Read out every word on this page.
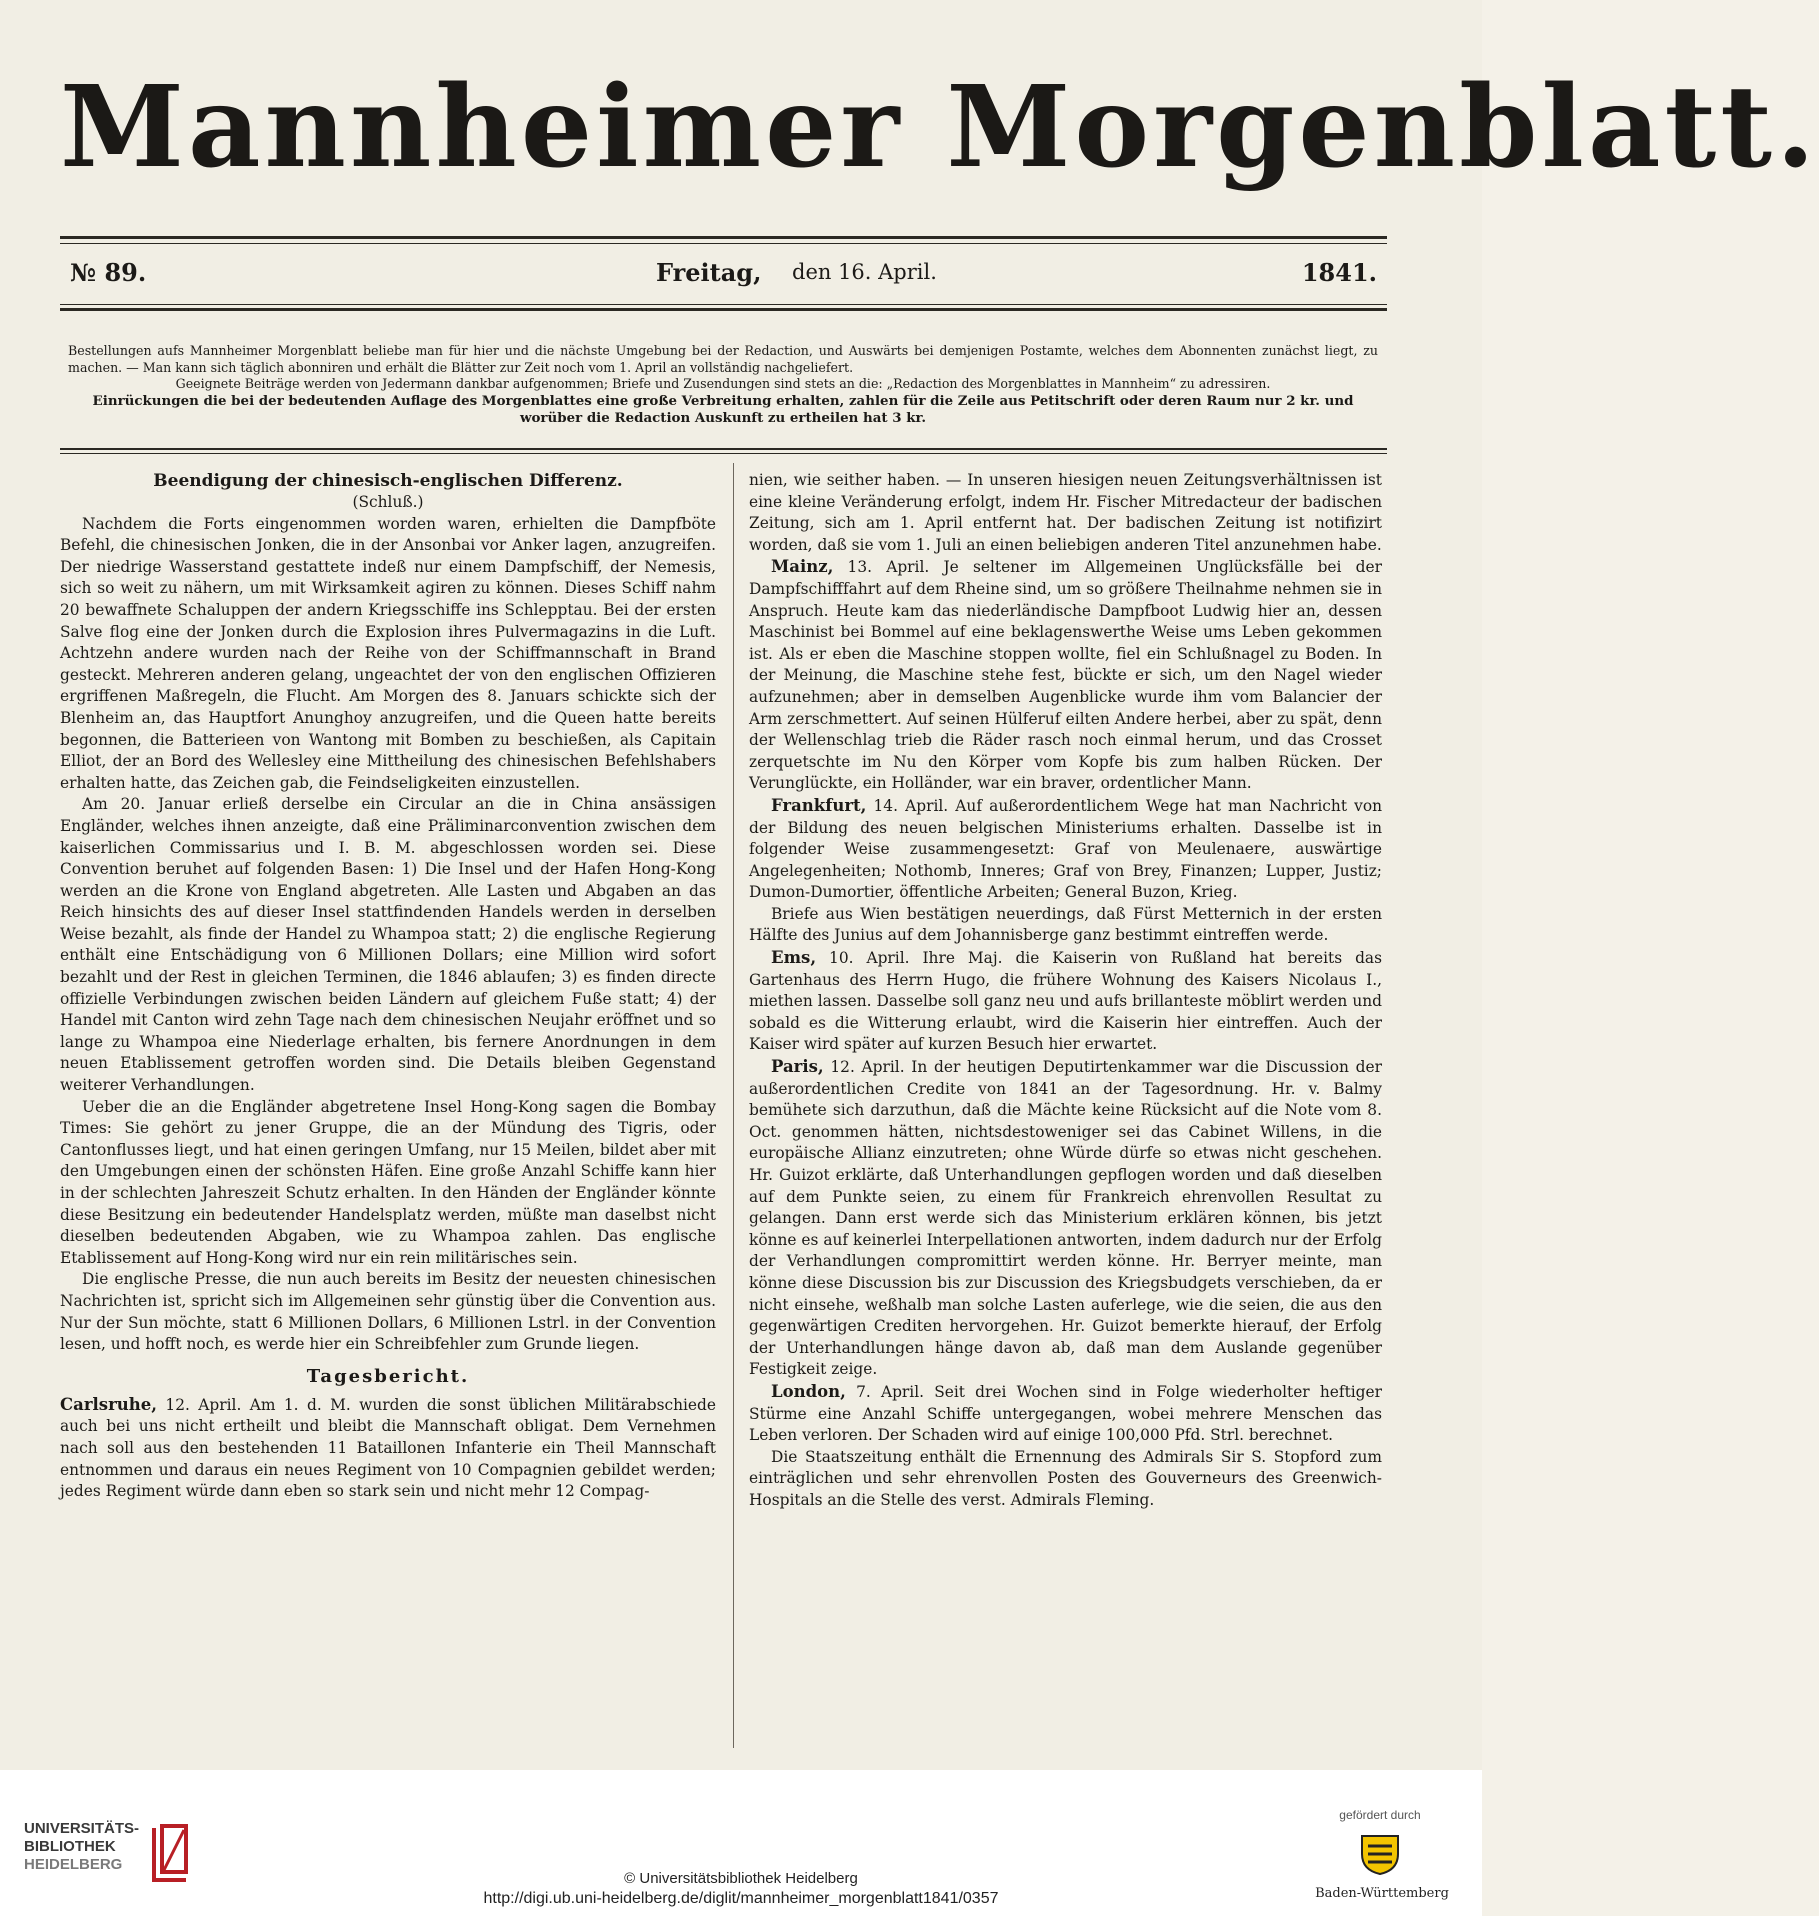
Mannheimer Morgenblatt.
№ 89.	Freitag, den 16. April.	1841.

Bestellungen aufs Mannheimer Morgenblatt beliebe man für hier und die nächste Umgebung bei der Redaction, und Auswärts bei demjenigen Postamte, welches dem Abonnenten zunächst liegt, zu machen. — Man kann sich täglich abonniren und erhält die Blätter zur Zeit noch vom 1. April an vollständig nachgeliefert.

Geeignete Beiträge werden von Jedermann dankbar aufgenommen; Briefe und Zusendungen sind stets an die: „Redaction des Morgenblattes in Mannheim“ zu adressiren.

Einrückungen die bei der bedeutenden Auflage des Morgenblattes eine große Verbreitung erhalten, zahlen für die Zeile aus Petitschrift oder deren Raum nur 2 kr. und worüber die Redaction Auskunft zu ertheilen hat 3 kr.

Beendigung der chinesisch-englischen Differenz.

(Schluß.)

Nachdem die Forts eingenommen worden waren, erhielten die Dampfböte Befehl, die chinesischen Jonken, die in der Ansonbai vor Anker lagen, anzugreifen. Der niedrige Wasserstand gestattete indeß nur einem Dampfschiff, der Nemesis, sich so weit zu nähern, um mit Wirksamkeit agiren zu können. Dieses Schiff nahm 20 bewaffnete Schaluppen der andern Kriegsschiffe ins Schlepptau. Bei der ersten Salve flog eine der Jonken durch die Explosion ihres Pulvermagazins in die Luft. Achtzehn andere wurden nach der Reihe von der Schiffmannschaft in Brand gesteckt. Mehreren anderen gelang, ungeachtet der von den englischen Offizieren ergriffenen Maßregeln, die Flucht. Am Morgen des 8. Januars schickte sich der Blenheim an, das Hauptfort Anunghoy anzugreifen, und die Queen hatte bereits begonnen, die Batterieen von Wantong mit Bomben zu beschießen, als Capitain Elliot, der an Bord des Wellesley eine Mittheilung des chinesischen Befehlshabers erhalten hatte, das Zeichen gab, die Feindseligkeiten einzustellen.

Am 20. Januar erließ derselbe ein Circular an die in China ansässigen Engländer, welches ihnen anzeigte, daß eine Präliminarconvention zwischen dem kaiserlichen Commissarius und I. B. M. abgeschlossen worden sei. Diese Convention beruhet auf folgenden Basen: 1) Die Insel und der Hafen Hong-Kong werden an die Krone von England abgetreten. Alle Lasten und Abgaben an das Reich hinsichts des auf dieser Insel stattfindenden Handels werden in derselben Weise bezahlt, als finde der Handel zu Whampoa statt; 2) die englische Regierung enthält eine Entschädigung von 6 Millionen Dollars; eine Million wird sofort bezahlt und der Rest in gleichen Terminen, die 1846 ablaufen; 3) es finden directe offizielle Verbindungen zwischen beiden Ländern auf gleichem Fuße statt; 4) der Handel mit Canton wird zehn Tage nach dem chinesischen Neujahr eröffnet und so lange zu Whampoa eine Niederlage erhalten, bis fernere Anordnungen in dem neuen Etablissement getroffen worden sind. Die Details bleiben Gegenstand weiterer Verhandlungen.

Ueber die an die Engländer abgetretene Insel Hong-Kong sagen die Bombay Times: Sie gehört zu jener Gruppe, die an der Mündung des Tigris, oder Cantonflusses liegt, und hat einen geringen Umfang, nur 15 Meilen, bildet aber mit den Umgebungen einen der schönsten Häfen. Eine große Anzahl Schiffe kann hier in der schlechten Jahreszeit Schutz erhalten. In den Händen der Engländer könnte diese Besitzung ein bedeutender Handelsplatz werden, müßte man daselbst nicht dieselben bedeutenden Abgaben, wie zu Whampoa zahlen. Das englische Etablissement auf Hong-Kong wird nur ein rein militärisches sein.

Die englische Presse, die nun auch bereits im Besitz der neuesten chinesischen Nachrichten ist, spricht sich im Allgemeinen sehr günstig über die Convention aus. Nur der Sun möchte, statt 6 Millionen Dollars, 6 Millionen Lstrl. in der Convention lesen, und hofft noch, es werde hier ein Schreibfehler zum Grunde liegen.

Tagesbericht.

Carlsruhe, 12. April. Am 1. d. M. wurden die sonst üblichen Militärabschiede auch bei uns nicht ertheilt und bleibt die Mannschaft obligat. Dem Vernehmen nach soll aus den bestehenden 11 Bataillonen Infanterie ein Theil Mannschaft entnommen und daraus ein neues Regiment von 10 Compagnien gebildet werden; jedes Regiment würde dann eben so stark sein und nicht mehr 12 Compag-

nien, wie seither haben. — In unseren hiesigen neuen Zeitungsverhältnissen ist eine kleine Veränderung erfolgt, indem Hr. Fischer Mitredacteur der badischen Zeitung, sich am 1. April entfernt hat. Der badischen Zeitung ist notifizirt worden, daß sie vom 1. Juli an einen beliebigen anderen Titel anzunehmen habe.

Mainz, 13. April. Je seltener im Allgemeinen Unglücksfälle bei der Dampfschifffahrt auf dem Rheine sind, um so größere Theilnahme nehmen sie in Anspruch. Heute kam das niederländische Dampfboot Ludwig hier an, dessen Maschinist bei Bommel auf eine beklagenswerthe Weise ums Leben gekommen ist. Als er eben die Maschine stoppen wollte, fiel ein Schlußnagel zu Boden. In der Meinung, die Maschine stehe fest, bückte er sich, um den Nagel wieder aufzunehmen; aber in demselben Augenblicke wurde ihm vom Balancier der Arm zerschmettert. Auf seinen Hülferuf eilten Andere herbei, aber zu spät, denn der Wellenschlag trieb die Räder rasch noch einmal herum, und das Crosset zerquetschte im Nu den Körper vom Kopfe bis zum halben Rücken. Der Verunglückte, ein Holländer, war ein braver, ordentlicher Mann.

Frankfurt, 14. April. Auf außerordentlichem Wege hat man Nachricht von der Bildung des neuen belgischen Ministeriums erhalten. Dasselbe ist in folgender Weise zusammengesetzt: Graf von Meulenaere, auswärtige Angelegenheiten; Nothomb, Inneres; Graf von Brey, Finanzen; Lupper, Justiz; Dumon-Dumortier, öffentliche Arbeiten; General Buzon, Krieg.

Briefe aus Wien bestätigen neuerdings, daß Fürst Metternich in der ersten Hälfte des Junius auf dem Johannisberge ganz bestimmt eintreffen werde.

Ems, 10. April. Ihre Maj. die Kaiserin von Rußland hat bereits das Gartenhaus des Herrn Hugo, die frühere Wohnung des Kaisers Nicolaus I., miethen lassen. Dasselbe soll ganz neu und aufs brillanteste möblirt werden und sobald es die Witterung erlaubt, wird die Kaiserin hier eintreffen. Auch der Kaiser wird später auf kurzen Besuch hier erwartet.

Paris, 12. April. In der heutigen Deputirtenkammer war die Discussion der außerordentlichen Credite von 1841 an der Tagesordnung. Hr. v. Balmy bemühete sich darzuthun, daß die Mächte keine Rücksicht auf die Note vom 8. Oct. genommen hätten, nichtsdestoweniger sei das Cabinet Willens, in die europäische Allianz einzutreten; ohne Würde dürfe so etwas nicht geschehen. Hr. Guizot erklärte, daß Unterhandlungen gepflogen worden und daß dieselben auf dem Punkte seien, zu einem für Frankreich ehrenvollen Resultat zu gelangen. Dann erst werde sich das Ministerium erklären können, bis jetzt könne es auf keinerlei Interpellationen antworten, indem dadurch nur der Erfolg der Verhandlungen compromittirt werden könne. Hr. Berryer meinte, man könne diese Discussion bis zur Discussion des Kriegsbudgets verschieben, da er nicht einsehe, weßhalb man solche Lasten auferlege, wie die seien, die aus den gegenwärtigen Crediten hervorgehen. Hr. Guizot bemerkte hierauf, der Erfolg der Unterhandlungen hänge davon ab, daß man dem Auslande gegenüber Festigkeit zeige.

London, 7. April. Seit drei Wochen sind in Folge wiederholter heftiger Stürme eine Anzahl Schiffe untergegangen, wobei mehrere Menschen das Leben verloren. Der Schaden wird auf einige 100,000 Pfd. Strl. berechnet.

Die Staatszeitung enthält die Ernennung des Admirals Sir S. Stopford zum einträglichen und sehr ehrenvollen Posten des Gouverneurs des Greenwich-Hospitals an die Stelle des verst. Admirals Fleming.

UNIVERSITÄTS-
BIBLIOTHEK
HEIDELBERG
© Universitätsbibliothek Heidelberg
http://digi.ub.uni-heidelberg.de/diglit/mannheimer_morgenblatt1841/0357
gefördert durch
Baden-Württemberg
